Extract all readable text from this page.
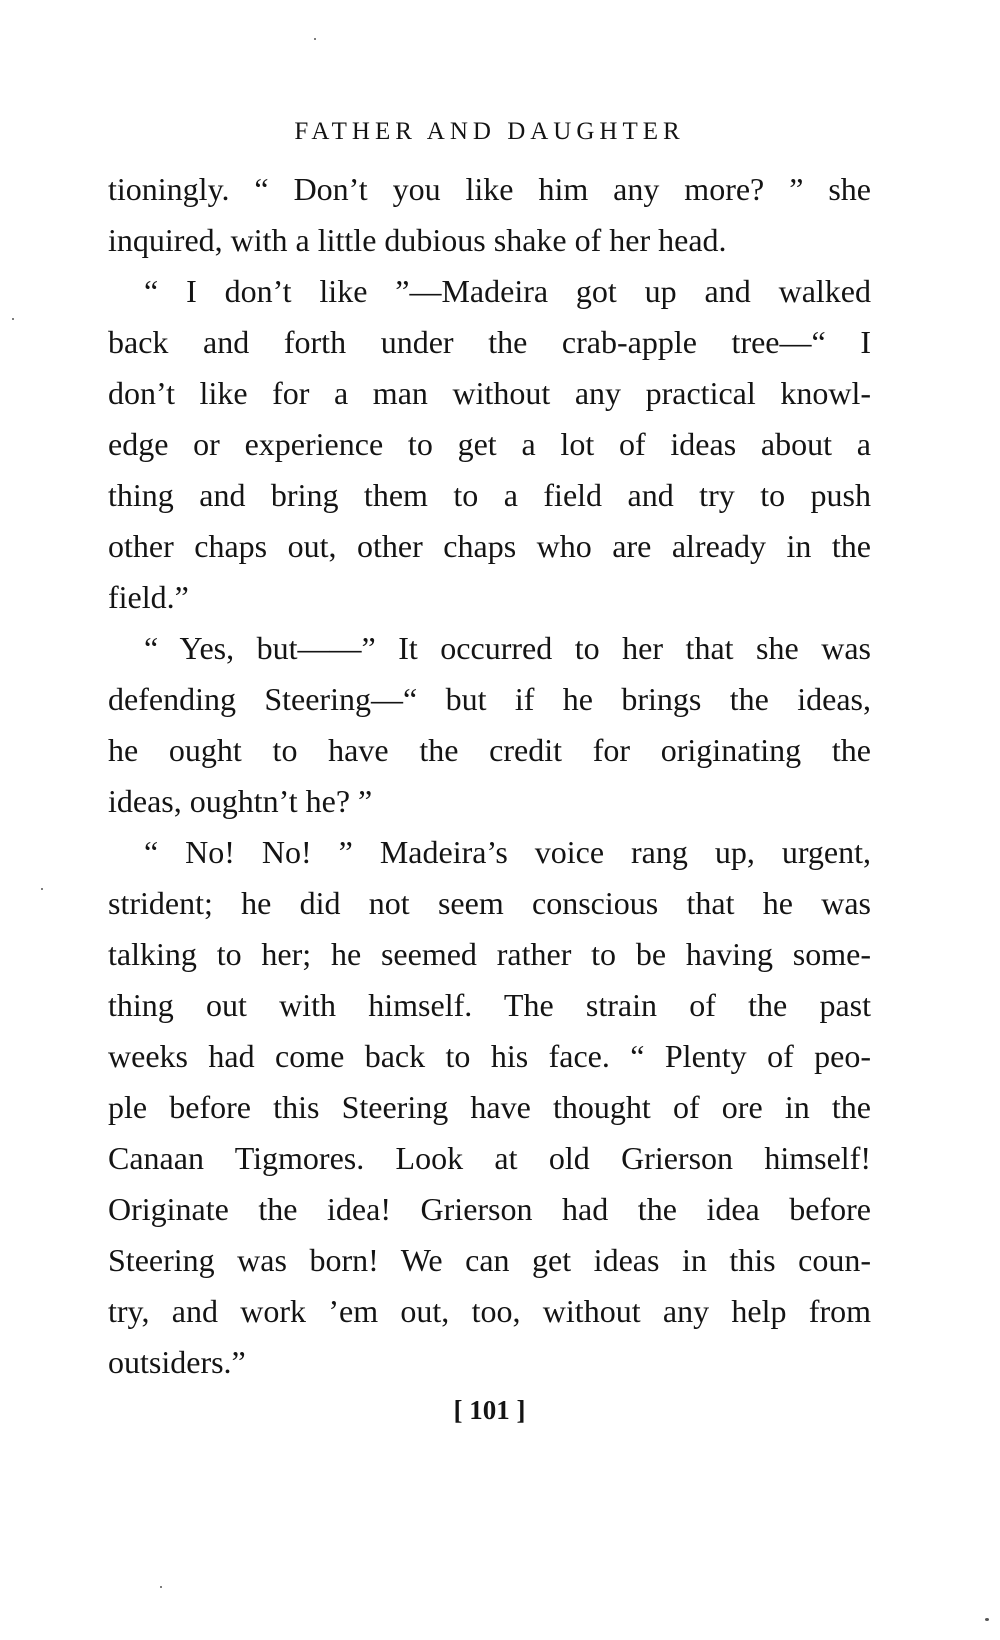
FATHER AND DAUGHTER
tioningly. “ Don’t you like him any more? ” she
inquired, with a little dubious shake of her head.
“ I don’t like ”—Madeira got up and walked
back and forth under the crab-apple tree—“ I
don’t like for a man without any practical knowl-
edge or experience to get a lot of ideas about a
thing and bring them to a field and try to push
other chaps out, other chaps who are already in the
field.”
“ Yes, but——” It occurred to her that she was
defending Steering—“ but if he brings the ideas,
he ought to have the credit for originating the
ideas, oughtn’t he? ”
“ No! No! ” Madeira’s voice rang up, urgent,
strident; he did not seem conscious that he was
talking to her; he seemed rather to be having some-
thing out with himself. The strain of the past
weeks had come back to his face. “ Plenty of peo-
ple before this Steering have thought of ore in the
Canaan Tigmores. Look at old Grierson himself!
Originate the idea! Grierson had the idea before
Steering was born! We can get ideas in this coun-
try, and work ’em out, too, without any help from
outsiders.”
[ 101 ]
